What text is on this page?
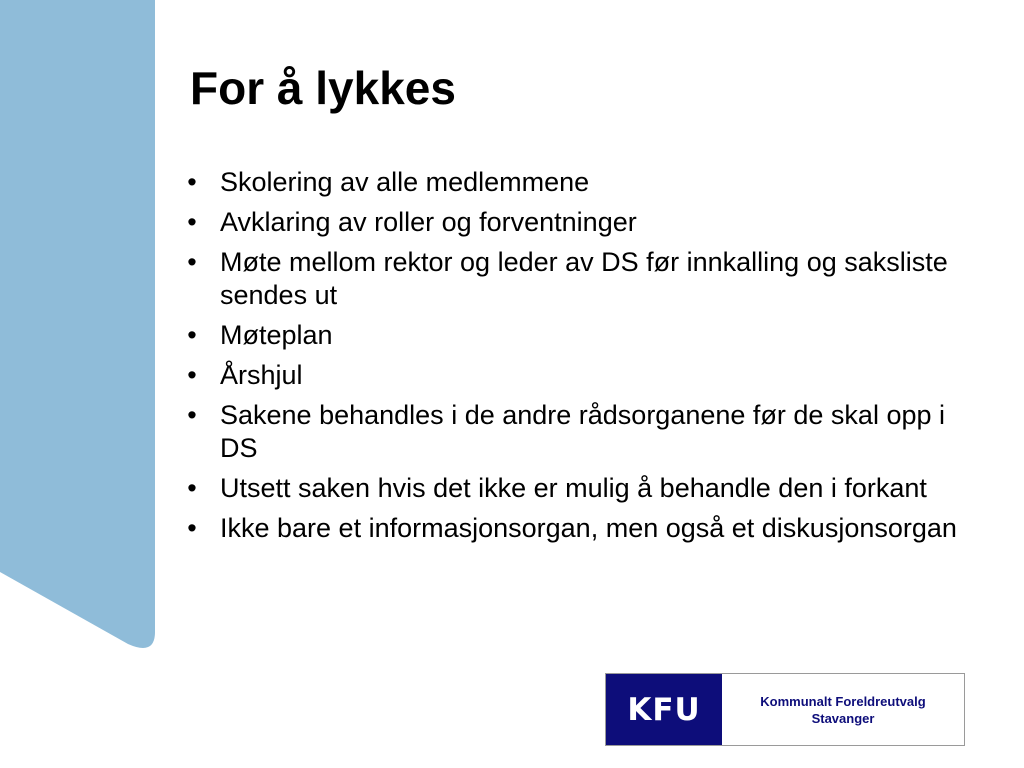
For å lykkes
• Skolering av alle medlemmene
• Avklaring av roller og forventninger
• Møte mellom rektor og leder av DS før innkalling og saksliste sendes ut
• Møteplan
• Årshjul
• Sakene behandles i de andre rådsorganene før de skal opp i DS
• Utsett saken hvis det ikke er mulig å behandle den i forkant
• Ikke bare et informasjonsorgan, men også et diskusjonsorgan
KFU	Kommunalt Foreldreutvalg
Stavanger
